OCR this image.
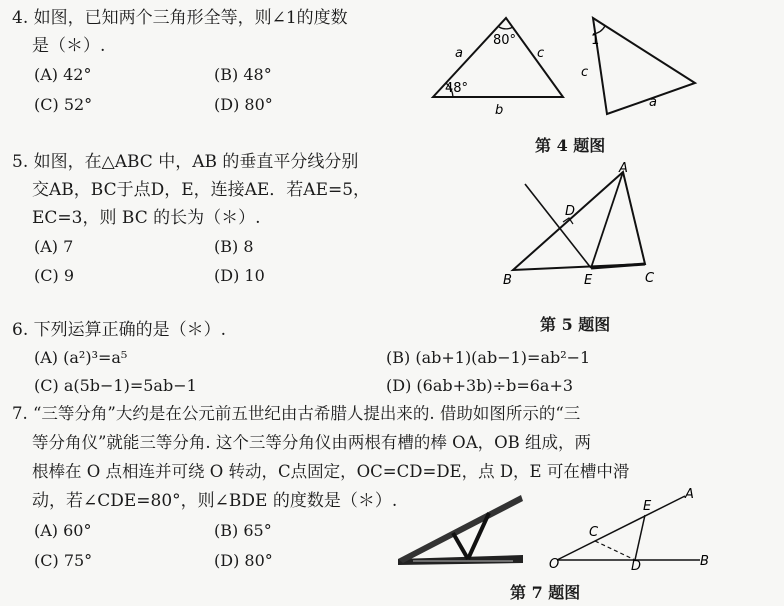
4. 如图，已知两个三角形全等，则∠1的度数
是（＊）.
(A) 42°	(B) 48°
(C) 52°	(D) 80°
80°
48°
a	c
b
1
c
a
第 4 题图
5. 如图，在△ABC 中，AB 的垂直平分线分别
交AB，BC于点D，E，连接AE．若AE=5，
EC=3，则 BC 的长为（＊）.
(A) 7	(B) 8
(C) 9	(D) 10
A
B	C
D
E
第 5 题图
6. 下列运算正确的是（＊）.
(A) (a²)³=a⁵	(B) (ab+1)(ab−1)=ab²−1
(C) a(5b−1)=5ab−1	(D) (6ab+3b)÷b=6a+3
7. “三等分角”大约是在公元前五世纪由古希腊人提出来的. 借助如图所示的“三
等分角仪”就能三等分角. 这个三等分角仪由两根有槽的棒 OA，OB 组成，两
根棒在 O 点相连并可绕 O 转动，C点固定，OC=CD=DE，点 D，E 可在槽中滑
动，若∠CDE=80°，则∠BDE 的度数是（＊）.
(A) 60°	(B) 65°
(C) 75°	(D) 80°	O
A
B
C
D
E
第 7 题图
